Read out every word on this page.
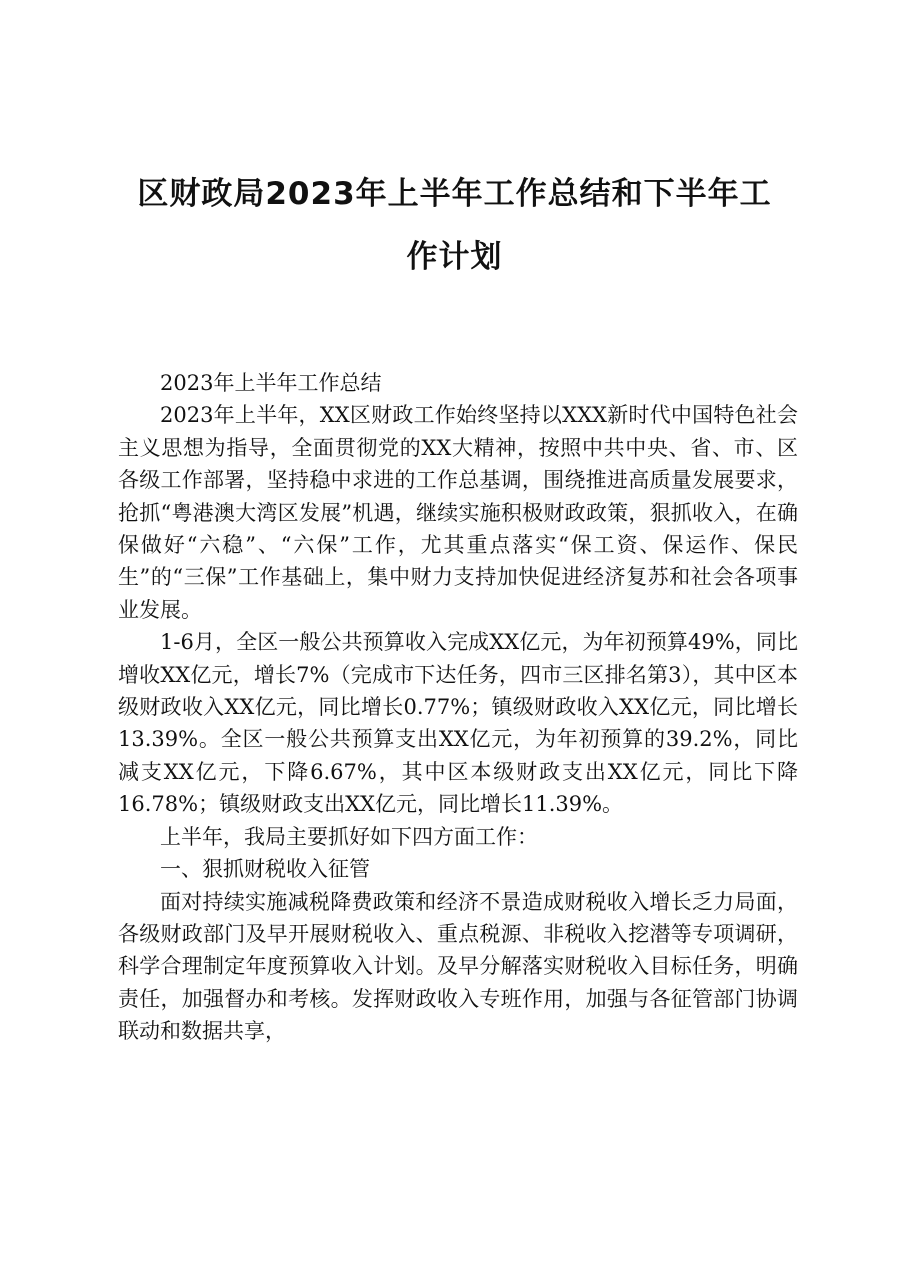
区财政局2023年上半年工作总结和下半年工
作计划

2023年上半年工作总结

2023年上半年，XX区财政工作始终坚持以XXX新时代中国特色社会主义思想为指导，全面贯彻党的XX大精神，按照中共中央、省、市、区各级工作部署，坚持稳中求进的工作总基调，围绕推进高质量发展要求，抢抓“粤港澳大湾区发展”机遇，继续实施积极财政政策，狠抓收入，在确保做好“六稳”、“六保”工作，尤其重点落实“保工资、保运作、保民生”的“三保”工作基础上，集中财力支持加快促进经济复苏和社会各项事业发展。

1-6月，全区一般公共预算收入完成XX亿元，为年初预算49%，同比增收XX亿元，增长7%（完成市下达任务，四市三区排名第3），其中区本级财政收入XX亿元，同比增长0.77%；镇级财政收入XX亿元，同比增长13.39%。全区一般公共预算支出XX亿元，为年初预算的39.2%，同比减支XX亿元，下降6.67%，其中区本级财政支出XX亿元，同比下降16.78%；镇级财政支出XX亿元，同比增长11.39%。

上半年，我局主要抓好如下四方面工作：

一、狠抓财税收入征管

面对持续实施减税降费政策和经济不景造成财税收入增长乏力局面，各级财政部门及早开展财税收入、重点税源、非税收入挖潜等专项调研，科学合理制定年度预算收入计划。及早分解落实财税收入目标任务，明确责任，加强督办和考核。发挥财政收入专班作用，加强与各征管部门协调联动和数据共享，
